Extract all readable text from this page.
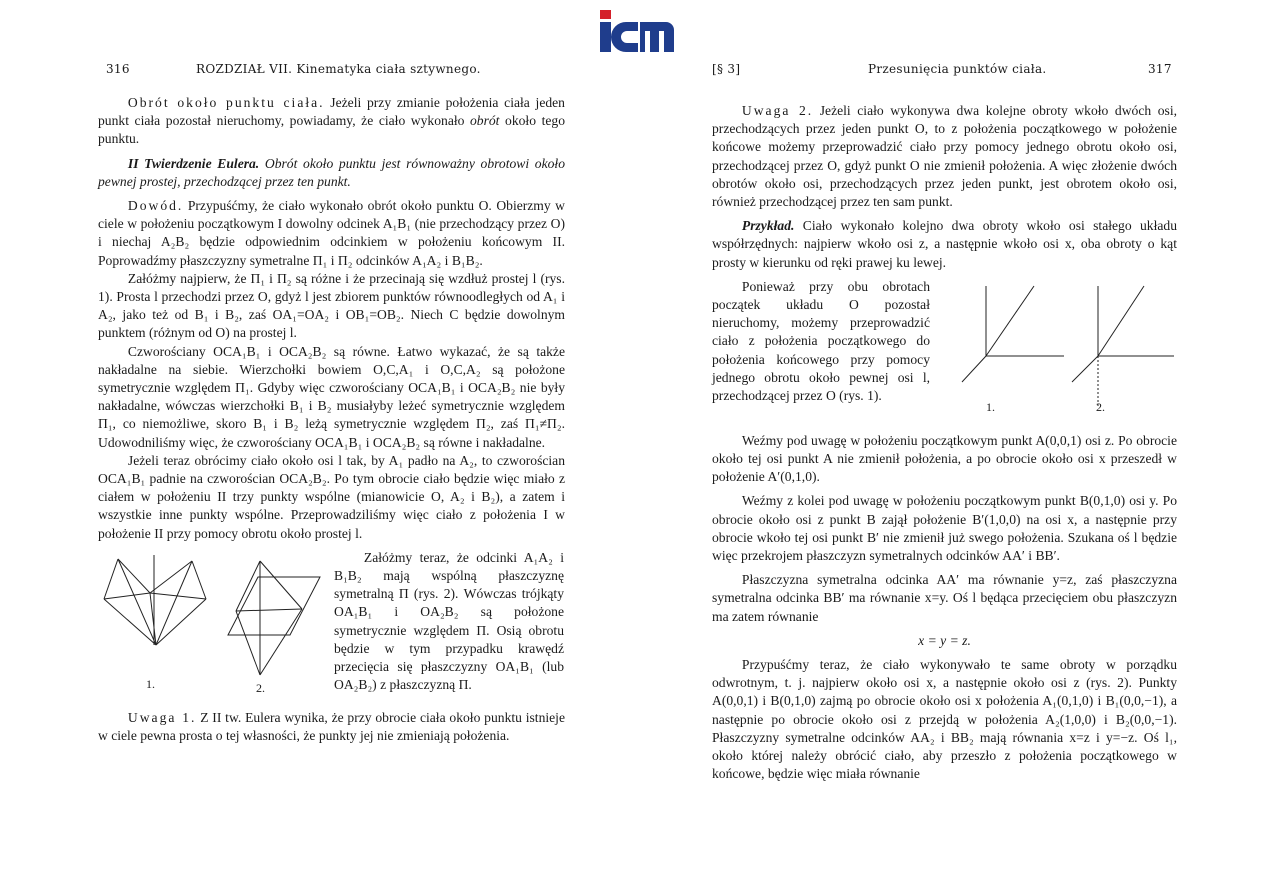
316	ROZDZIAŁ VII. Kinematyka ciała sztywnego.

Obrót około punktu ciała. Jeżeli przy zmianie położenia ciała jeden punkt ciała pozostał nieruchomy, powiadamy, że ciało wykonało obrót około tego punktu.

II Twierdzenie Eulera. Obrót około punktu jest równoważny obrotowi około pewnej prostej, przechodzącej przez ten punkt.

Dowód. Przypuśćmy, że ciało wykonało obrót około punktu O. Obierzmy w ciele w położeniu początkowym I dowolny odcinek A₁B₁ (nie przechodzący przez O) i niechaj A₂B₂ będzie odpowiednim odcinkiem w położeniu końcowym II. Poprowadźmy płaszczyzny symetralne Π₁ i Π₂ odcinków A₁A₂ i B₁B₂.

Załóżmy najpierw, że Π₁ i Π₂ są różne i że przecinają się wzdłuż prostej l (rys. 1). Prosta l przechodzi przez O, gdyż l jest zbiorem punktów równoodległych od A₁ i A₂, jako też od B₁ i B₂, zaś OA₁=OA₂ i OB₁=OB₂. Niech C będzie dowolnym punktem (różnym od O) na prostej l.

Czworościany OCA₁B₁ i OCA₂B₂ są równe. Łatwo wykazać, że są także nakładalne na siebie. Wierzchołki bowiem O,C,A₁ i O,C,A₂ są położone symetrycznie względem Π₁. Gdyby więc czworościany OCA₁B₁ i OCA₂B₂ nie były nakładalne, wówczas wierzchołki B₁ i B₂ musiałyby leżeć symetrycznie względem Π₁, co niemożliwe, skoro B₁ i B₂ leżą symetrycznie względem Π₂, zaś Π₁≠Π₂. Udowodniliśmy więc, że czworościany OCA₁B₁ i OCA₂B₂ są równe i nakładalne.

Jeżeli teraz obrócimy ciało około osi l tak, by A₁ padło na A₂, to czworościan OCA₁B₁ padnie na czworościan OCA₂B₂. Po tym obrocie ciało będzie więc miało z ciałem w położeniu II trzy punkty wspólne (mianowicie O, A₂ i B₂), a zatem i wszystkie inne punkty wspólne. Przeprowadziliśmy więc ciało z położenia I w położenie II przy pomocy obrotu około prostej l.

1.	2.

Załóżmy teraz, że odcinki A₁A₂ i B₁B₂ mają wspólną płaszczyznę symetralną Π (rys. 2). Wówczas trójkąty OA₁B₁ i OA₂B₂ są położone symetrycznie względem Π. Osią obrotu będzie w tym przypadku krawędź przecięcia się płaszczyzny OA₁B₁ (lub OA₂B₂) z płaszczyzną Π.

Uwaga 1. Z II tw. Eulera wynika, że przy obrocie ciała około punktu istnieje w ciele pewna prosta o tej własności, że punkty jej nie zmieniają położenia.

[§ 3]	Przesunięcia punktów ciała.	317

Uwaga 2. Jeżeli ciało wykonywa dwa kolejne obroty wkoło dwóch osi, przechodzących przez jeden punkt O, to z położenia początkowego w położenie końcowe możemy przeprowadzić ciało przy pomocy jednego obrotu około osi, przechodzącej przez O, gdyż punkt O nie zmienił położenia. A więc złożenie dwóch obrotów około osi, przechodzących przez jeden punkt, jest obrotem około osi, również przechodzącej przez ten sam punkt.

Przykład. Ciało wykonało kolejno dwa obroty wkoło osi stałego układu współrzędnych: najpierw wkoło osi z, a następnie wkoło osi x, oba obroty o kąt prosty w kierunku od ręki prawej ku lewej.

Ponieważ przy obu obrotach początek układu O pozostał nieruchomy, możemy przeprowadzić ciało z położenia początkowego do położenia końcowego przy pomocy jednego obrotu około pewnej osi l, przechodzącej przez O (rys. 1).

1.	2.

Weźmy pod uwagę w położeniu początkowym punkt A(0,0,1) osi z. Po obrocie około tej osi punkt A nie zmienił położenia, a po obrocie około osi x przeszedł w położenie A′(0,1,0).

Weźmy z kolei pod uwagę w położeniu początkowym punkt B(0,1,0) osi y. Po obrocie około osi z punkt B zajął położenie B′(1,0,0) na osi x, a następnie przy obrocie wkoło tej osi punkt B′ nie zmienił już swego położenia. Szukana oś l będzie więc przekrojem płaszczyzn symetralnych odcinków AA′ i BB′.

Płaszczyzna symetralna odcinka AA′ ma równanie y=z, zaś płaszczyzna symetralna odcinka BB′ ma równanie x=y. Oś l będąca przecięciem obu płaszczyzn ma zatem równanie

x = y = z.

Przypuśćmy teraz, że ciało wykonywało te same obroty w porządku odwrotnym, t. j. najpierw około osi x, a następnie około osi z (rys. 2). Punkty A(0,0,1) i B(0,1,0) zajmą po obrocie około osi x położenia A₁(0,1,0) i B₁(0,0,−1), a następnie po obrocie około osi z przejdą w położenia A₂(1,0,0) i B₂(0,0,−1). Płaszczyzny symetralne odcinków AA₂ i BB₂ mają równania x=z i y=−z. Oś l₁, około której należy obrócić ciało, aby przeszło z położenia początkowego w końcowe, będzie więc miała równanie
